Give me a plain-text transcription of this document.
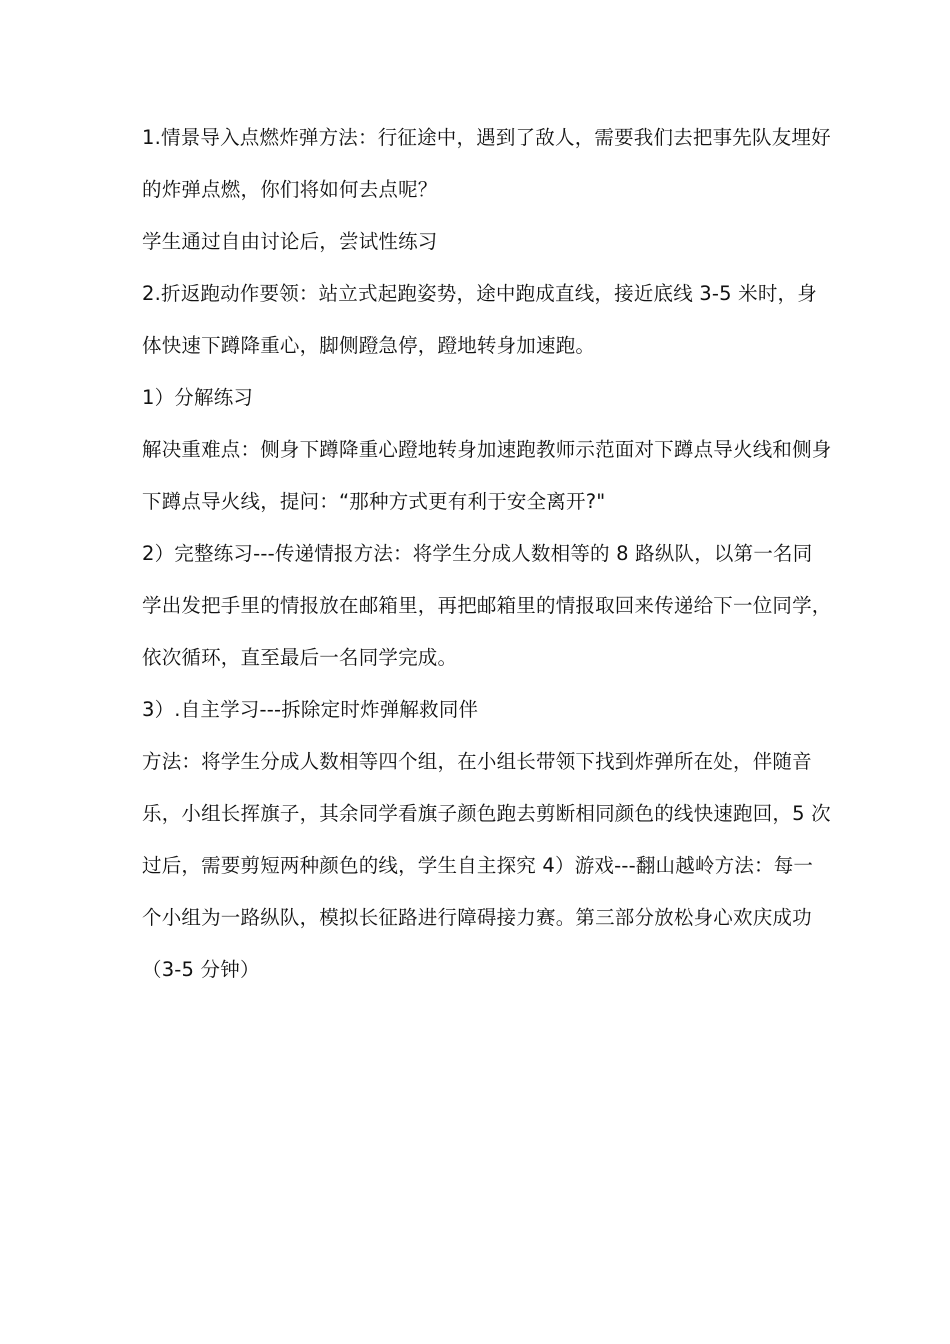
1.情景导入点燃炸弹方法：行征途中，遇到了敌人，需要我们去把事先队友埋好的炸弹点燃，你们将如何去点呢？

学生通过自由讨论后，尝试性练习

2.折返跑动作要领：站立式起跑姿势，途中跑成直线，接近底线 3-5 米时，身体快速下蹲降重心，脚侧蹬急停，蹬地转身加速跑。

1）分解练习

解决重难点：侧身下蹲降重心蹬地转身加速跑教师示范面对下蹲点导火线和侧身下蹲点导火线，提问：“那种方式更有利于安全离开?"

2）完整练习---传递情报方法：将学生分成人数相等的 8 路纵队，以第一名同学出发把手里的情报放在邮箱里，再把邮箱里的情报取回来传递给下一位同学，依次循环，直至最后一名同学完成。

3）.自主学习---拆除定时炸弹解救同伴

方法：将学生分成人数相等四个组，在小组长带领下找到炸弹所在处，伴随音乐，小组长挥旗子，其余同学看旗子颜色跑去剪断相同颜色的线快速跑回，5 次过后，需要剪短两种颜色的线，学生自主探究 4）游戏---翻山越岭方法：每一个小组为一路纵队，模拟长征路进行障碍接力赛。第三部分放松身心欢庆成功（3-5 分钟）
